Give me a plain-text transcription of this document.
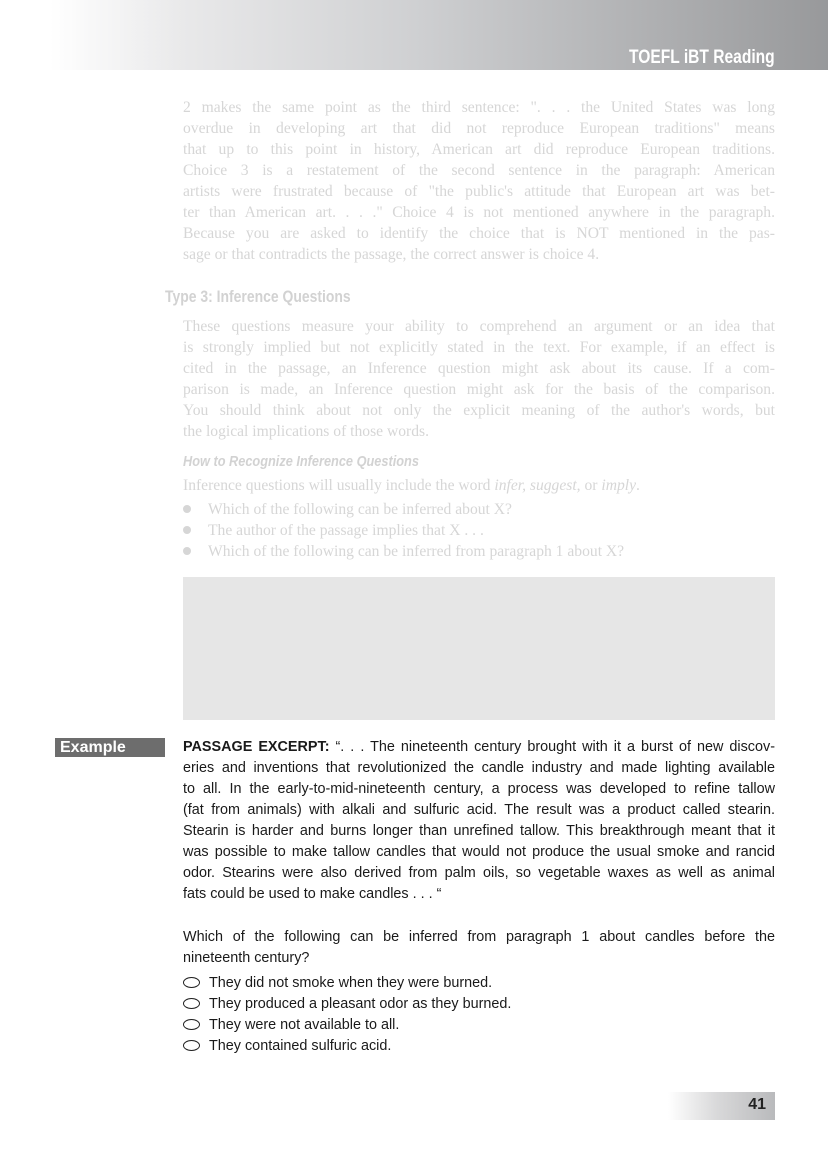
TOEFL iBT Reading
2 makes the same point as the third sentence: ". . . the United States was long
overdue in developing art that did not reproduce European traditions" means
that up to this point in history, American art did reproduce European traditions.
Choice 3 is a restatement of the second sentence in the paragraph: American
artists were frustrated because of "the public's attitude that European art was bet-
ter than American art. . . ." Choice 4 is not mentioned anywhere in the paragraph.
Because you are asked to identify the choice that is NOT mentioned in the pas-
sage or that contradicts the passage, the correct answer is choice 4.
Type 3: Inference Questions
These questions measure your ability to comprehend an argument or an idea that
is strongly implied but not explicitly stated in the text. For example, if an effect is
cited in the passage, an Inference question might ask about its cause. If a com-
parison is made, an Inference question might ask for the basis of the comparison.
You should think about not only the explicit meaning of the author's words, but
the logical implications of those words.
How to Recognize Inference Questions
Inference questions will usually include the word infer, suggest, or imply.
Which of the following can be inferred about X?
The author of the passage implies that X . . .
Which of the following can be inferred from paragraph 1 about X?
Example	PASSAGE EXCERPT: “. . . The nineteenth century brought with it a burst of new discov-
eries and inventions that revolutionized the candle industry and made lighting available
to all. In the early-to-mid-nineteenth century, a process was developed to refine tallow
(fat from animals) with alkali and sulfuric acid. The result was a product called stearin.
Stearin is harder and burns longer than unrefined tallow. This breakthrough meant that it
was possible to make tallow candles that would not produce the usual smoke and rancid
odor. Stearins were also derived from palm oils, so vegetable waxes as well as animal
fats could be used to make candles . . . “
Which of the following can be inferred from paragraph 1 about candles before the
nineteenth century?
They did not smoke when they were burned.
They produced a pleasant odor as they burned.
They were not available to all.
They contained sulfuric acid.
41
